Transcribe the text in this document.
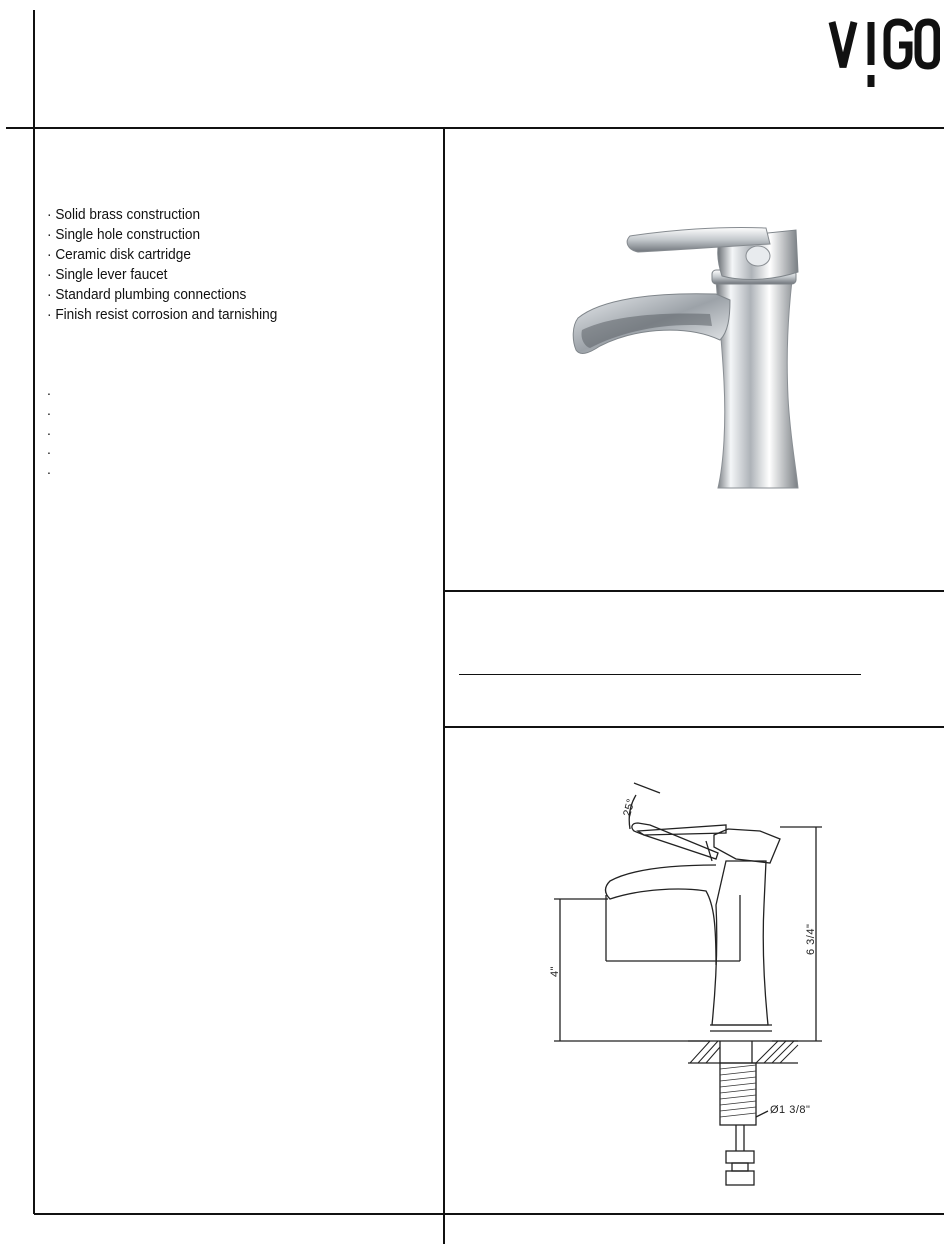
· Solid brass construction
· Single hole construction
· Ceramic disk cartridge
· Single lever faucet
· Standard plumbing connections
· Finish resist corrosion and tarnishing
.
.
.
.
.
25°
6 3/4"
4"
Ø1 3/8"
